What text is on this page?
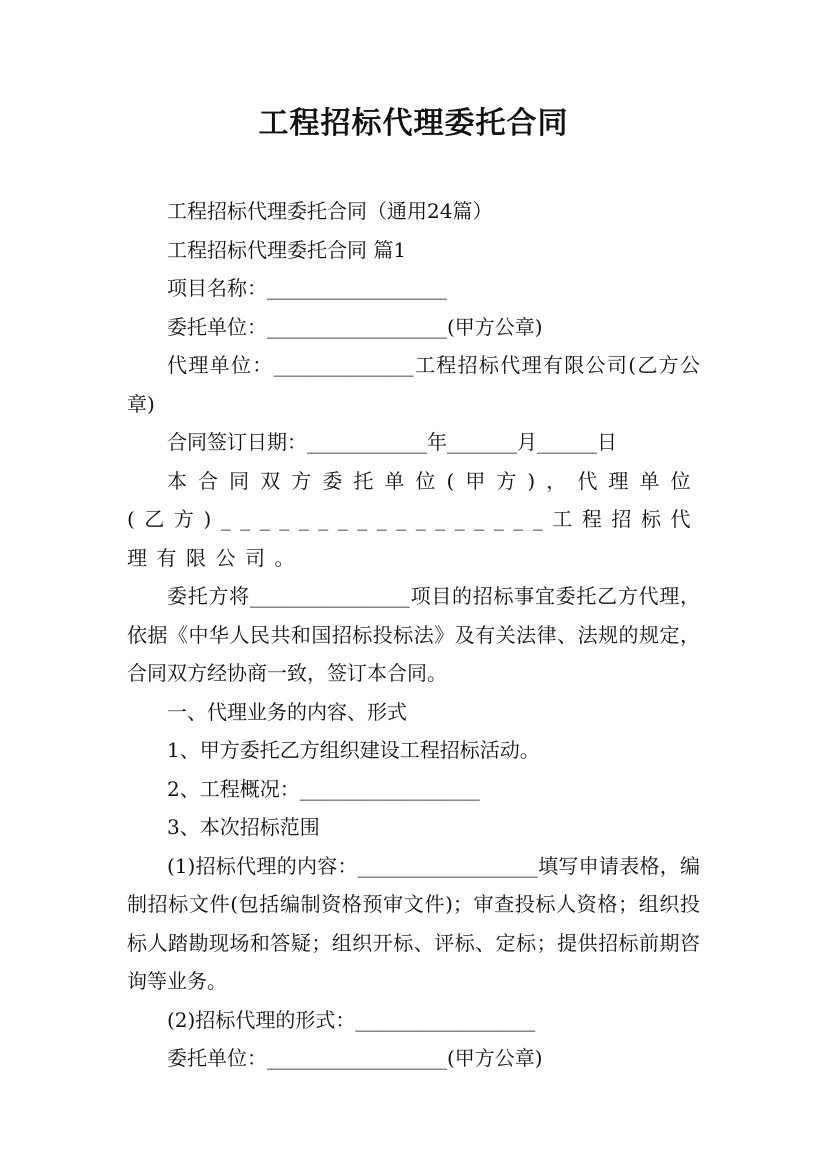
工程招标代理委托合同

工程招标代理委托合同（通用24篇）

工程招标代理委托合同 篇1

项目名称：__________________

委托单位：__________________(甲方公章)

代理单位：______________工程招标代理有限公司(乙方公章)

合同签订日期：____________年_______月______日

本合同双方委托单位(甲方)，代理单位(乙方)_________________工程招标代理有限公司。

委托方将________________项目的招标事宜委托乙方代理，依据《中华人民共和国招标投标法》及有关法律、法规的规定，合同双方经协商一致，签订本合同。

一、代理业务的内容、形式

1、甲方委托乙方组织建设工程招标活动。

2、工程概况：__________________

3、本次招标范围

(1)招标代理的内容：__________________填写申请表格，编制招标文件(包括编制资格预审文件)；审查投标人资格；组织投标人踏勘现场和答疑；组织开标、评标、定标；提供招标前期咨询等业务。

(2)招标代理的形式：__________________

委托单位：__________________(甲方公章)
